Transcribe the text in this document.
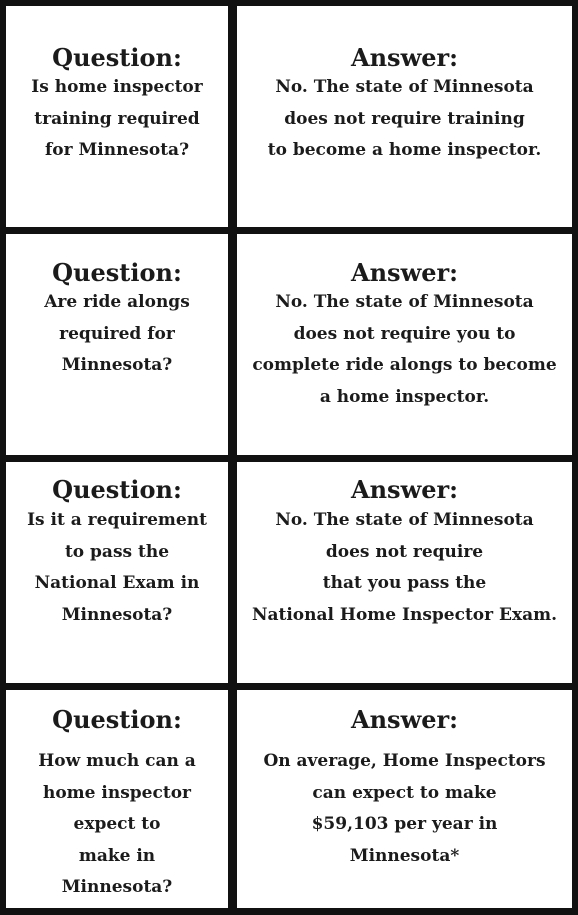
Question:

Is home inspector
training required
for Minnesota?

Answer:

No. The state of Minnesota
does not require training
to become a home inspector.

Question:

Are ride alongs
required for
Minnesota?

Answer:

No. The state of Minnesota
does not require you to
complete ride alongs to become
a home inspector.

Question:

Is it a requirement
to pass the
National Exam in
Minnesota?

Answer:

No. The state of Minnesota
does not require
that you pass the
National Home Inspector Exam.

Question:

How much can a
home inspector
expect to
make in
Minnesota?

Answer:

On average, Home Inspectors
can expect to make
$59,103 per year in
Minnesota*
